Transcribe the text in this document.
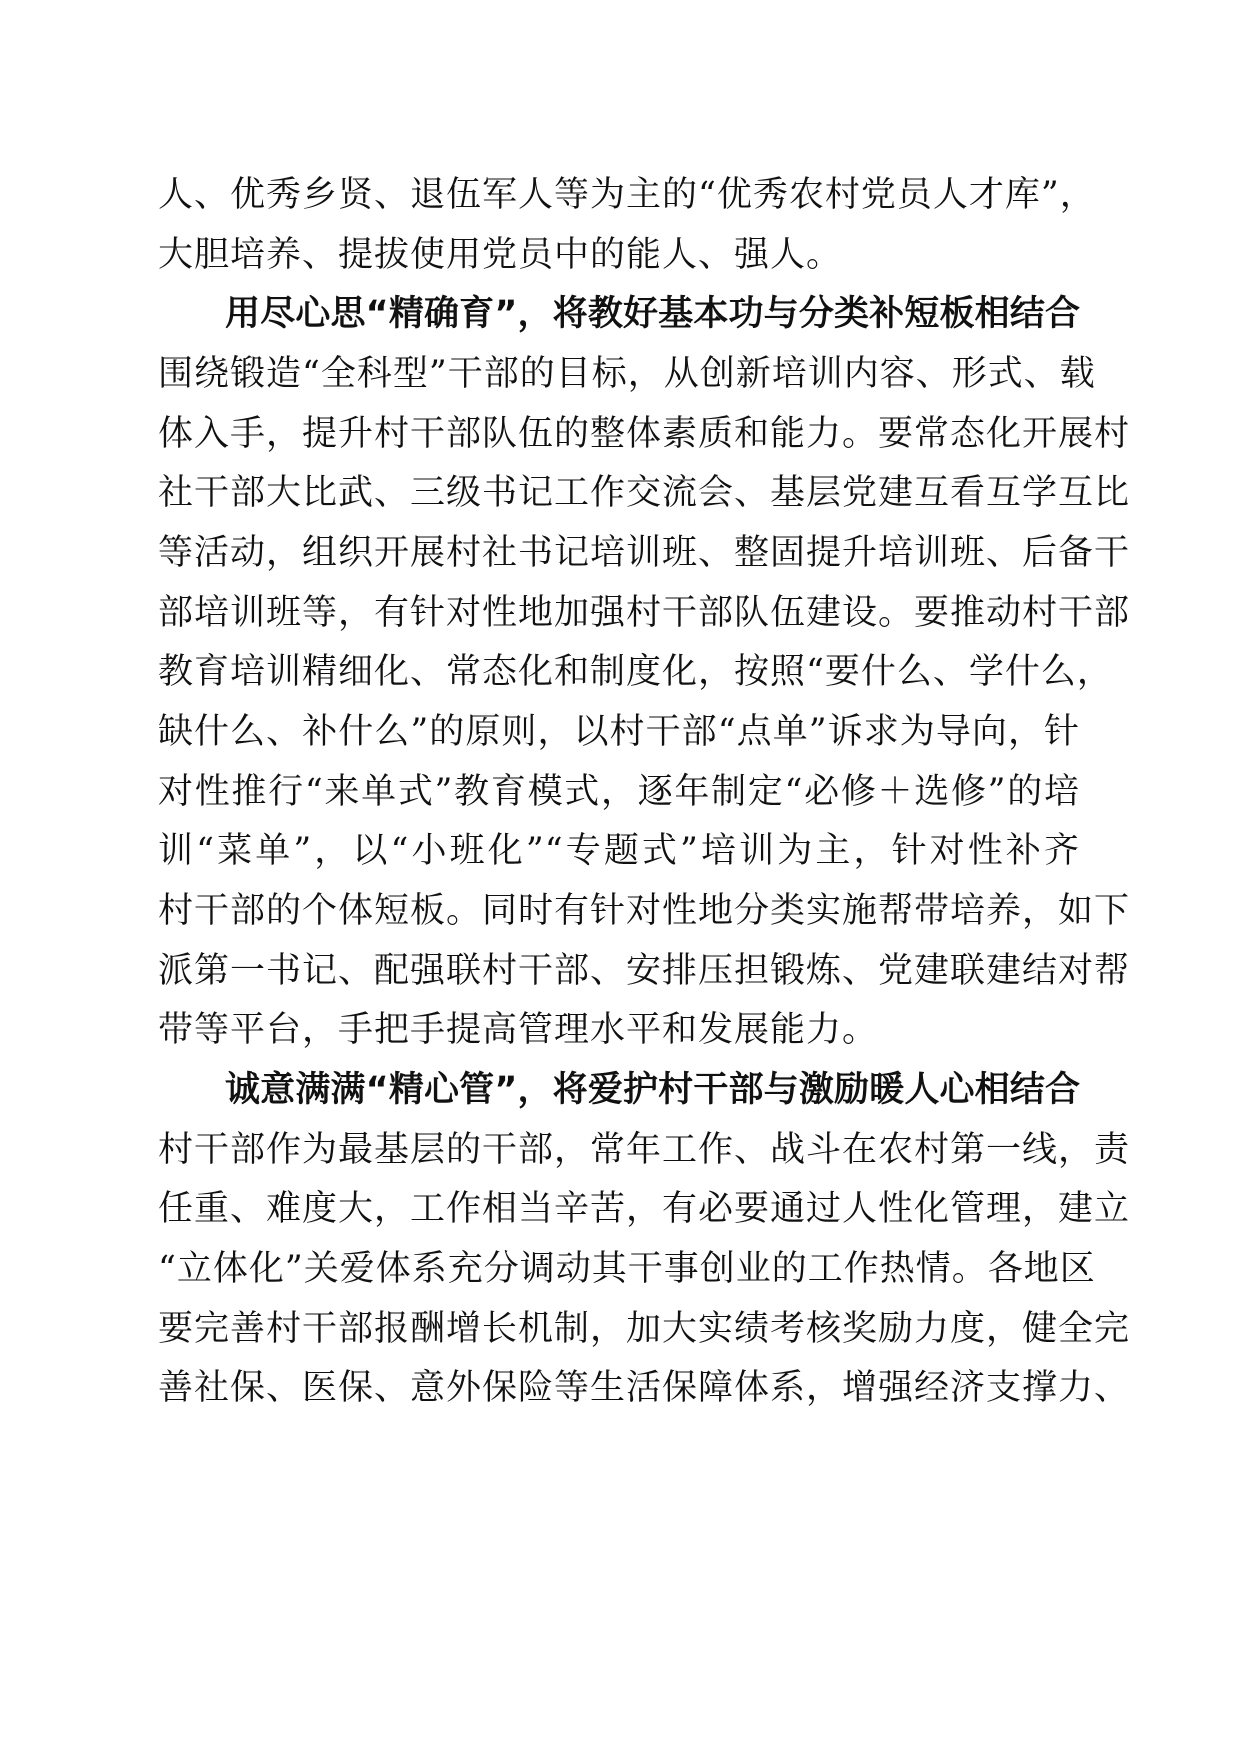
人、优秀乡贤、退伍军人等为主的“优秀农村党员人才库”，
大胆培养、提拔使用党员中的能人、强人。
用尽心思“精确育”，将教好基本功与分类补短板相结合
围绕锻造“全科型”干部的目标，从创新培训内容、形式、载
体入手，提升村干部队伍的整体素质和能力。要常态化开展村
社干部大比武、三级书记工作交流会、基层党建互看互学互比
等活动，组织开展村社书记培训班、整固提升培训班、后备干
部培训班等，有针对性地加强村干部队伍建设。要推动村干部
教育培训精细化、常态化和制度化，按照“要什么、学什么，
缺什么、补什么”的原则，以村干部“点单”诉求为导向，针
对性推行“来单式”教育模式，逐年制定“必修＋选修”的培
训“菜单”，以“小班化”“专题式”培训为主，针对性补齐
村干部的个体短板。同时有针对性地分类实施帮带培养，如下
派第一书记、配强联村干部、安排压担锻炼、党建联建结对帮
带等平台，手把手提高管理水平和发展能力。
诚意满满“精心管”，将爱护村干部与激励暖人心相结合
村干部作为最基层的干部，常年工作、战斗在农村第一线，责
任重、难度大，工作相当辛苦，有必要通过人性化管理，建立
“立体化”关爱体系充分调动其干事创业的工作热情。各地区
要完善村干部报酬增长机制，加大实绩考核奖励力度，健全完
善社保、医保、意外保险等生活保障体系，增强经济支撑力、
